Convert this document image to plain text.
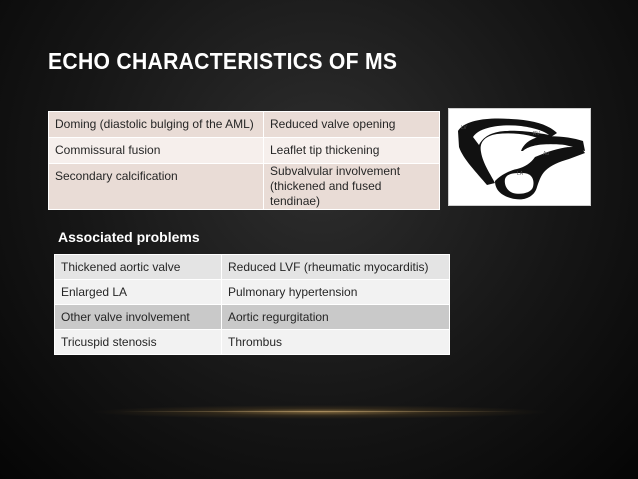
ECHO CHARACTERISTICS OF MS
Doming (diastolic bulging of the AML)	Reduced valve opening
Commissural fusion	Leaflet tip thickening
Secondary calcification	Subvalvular involvement (thickened and fused tendinae)
LV
RV
Ao
LA
Associated problems
Thickened aortic valve	Reduced LVF (rheumatic myocarditis)
Enlarged LA	Pulmonary hypertension
Other valve involvement	Aortic regurgitation
Tricuspid stenosis	Thrombus
